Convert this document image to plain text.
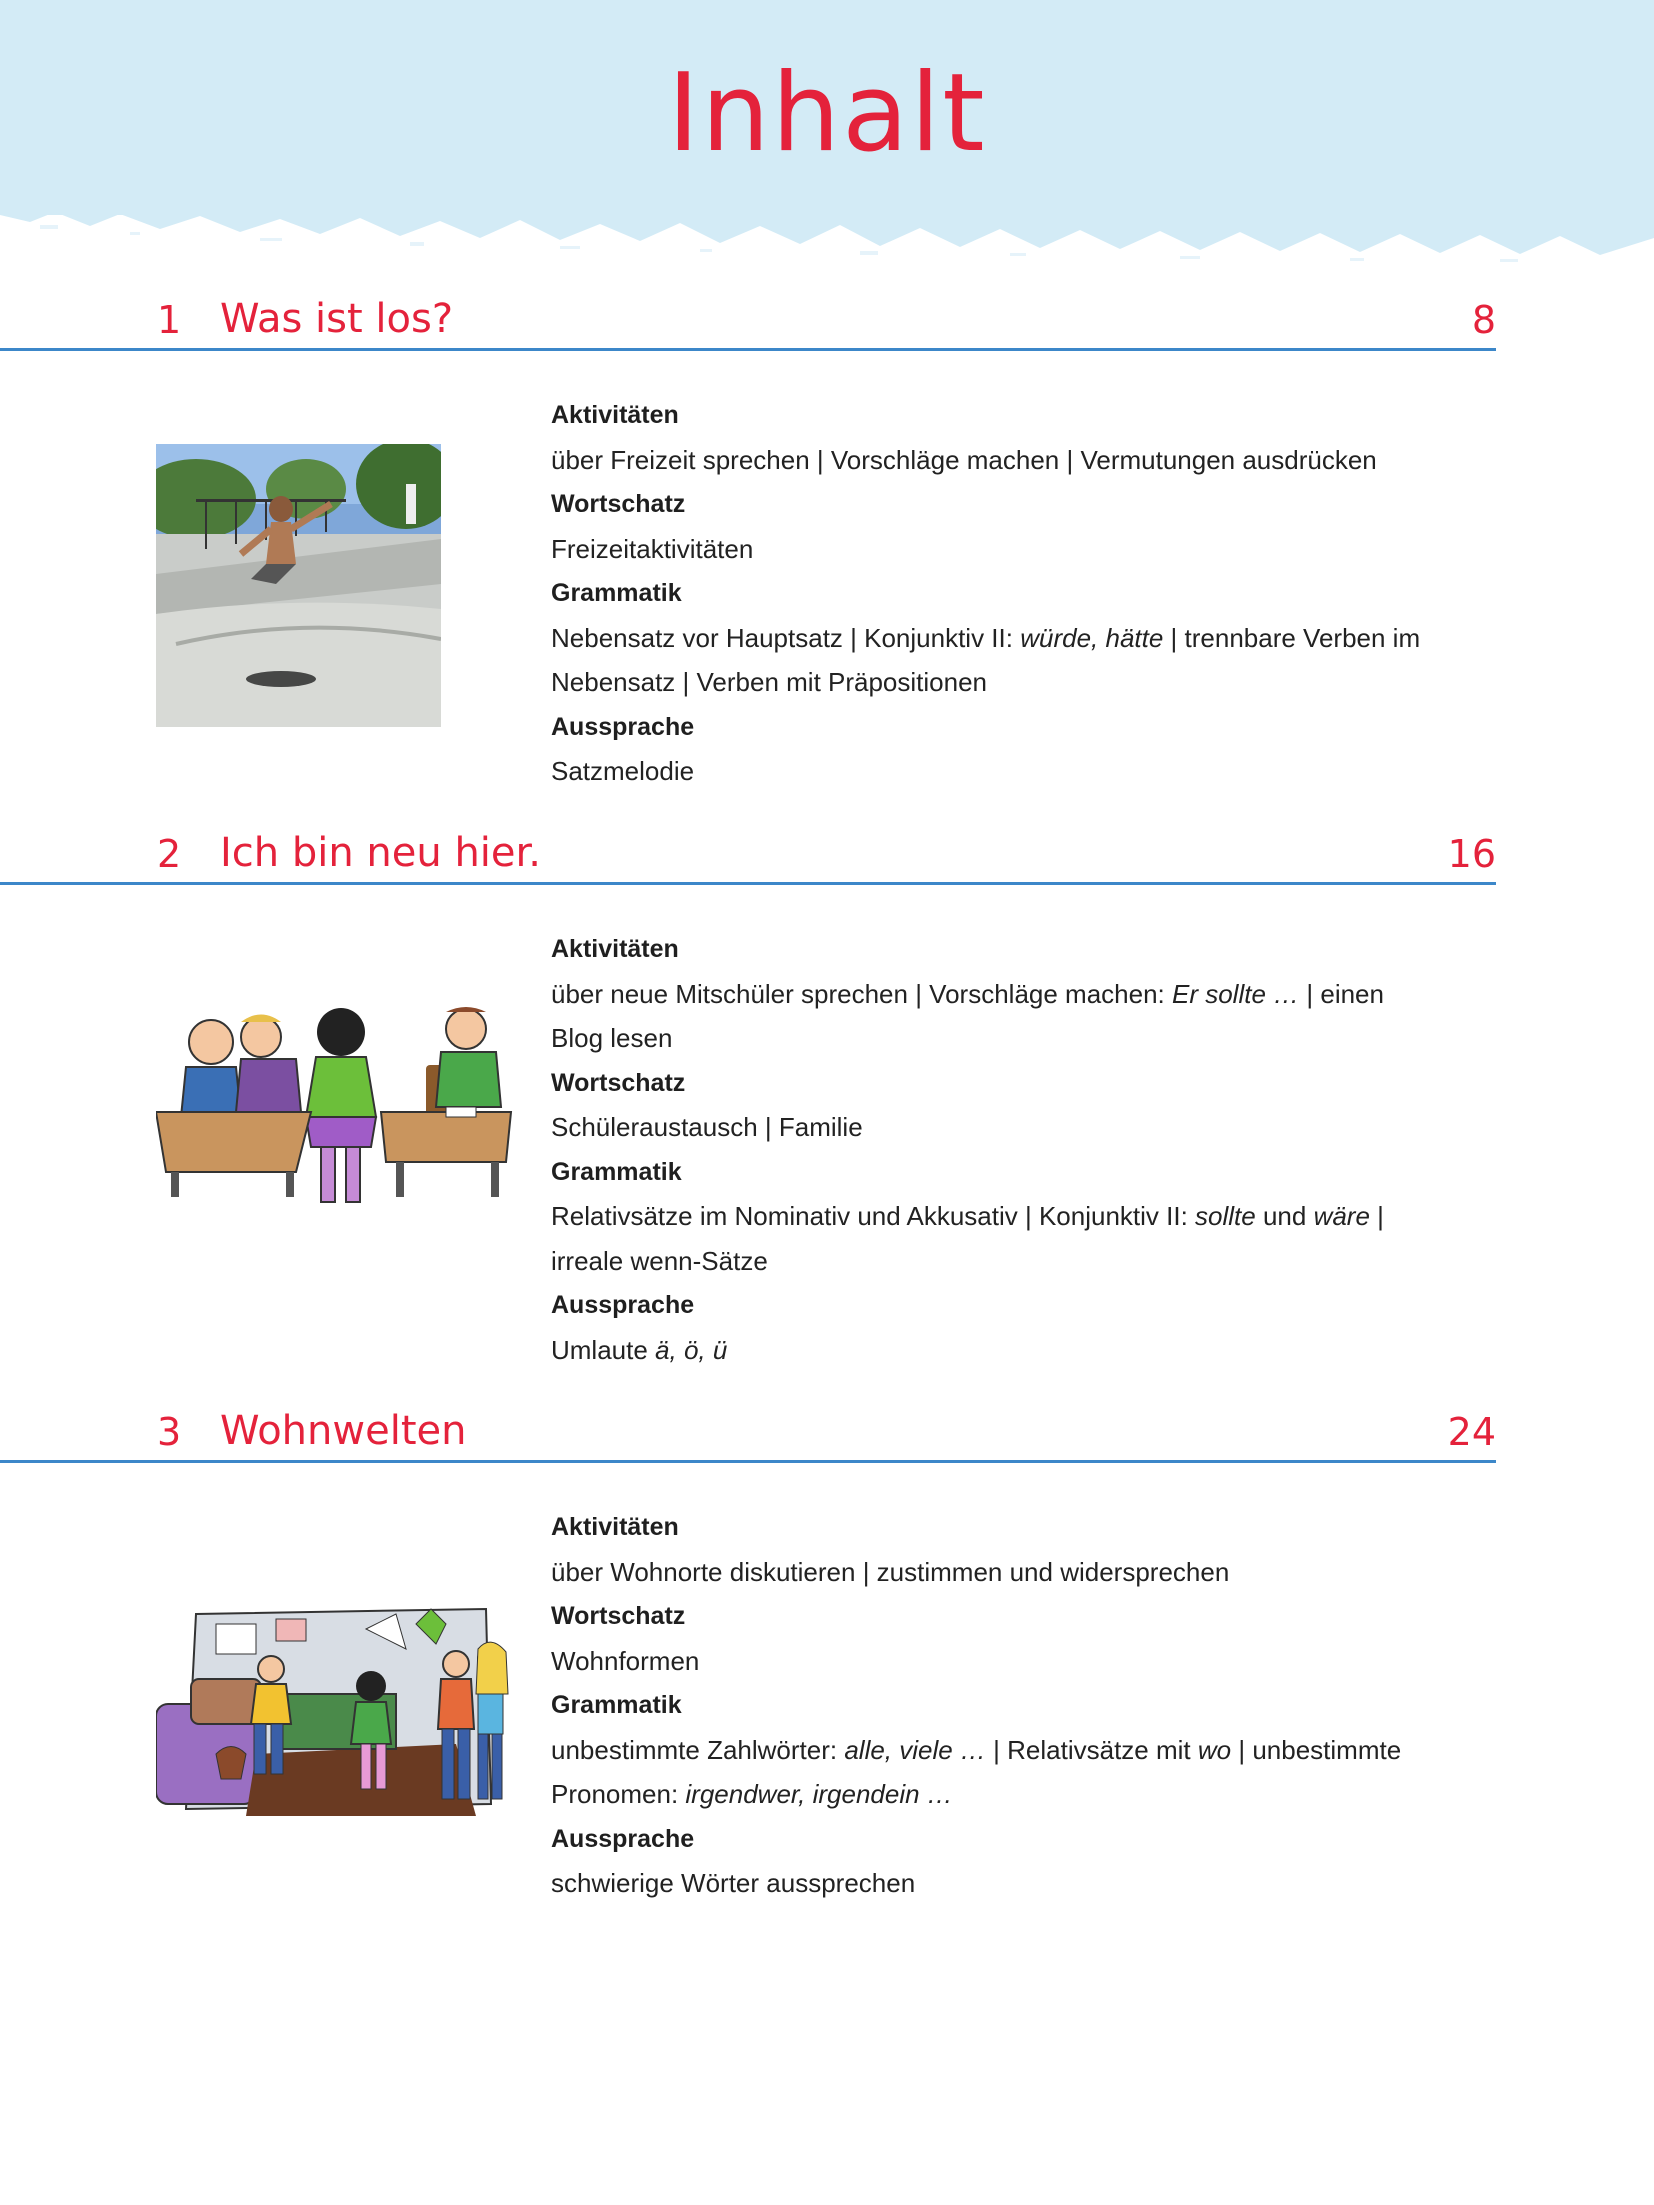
Inhalt
1 Was ist los?	8
Aktivitäten
über Freizeit sprechen | Vorschläge machen | Vermutungen ausdrücken
Wortschatz
Freizeitaktivitäten
Grammatik
Nebensatz vor Hauptsatz | Konjunktiv II: würde, hätte | trennbare Verben im
Nebensatz | Verben mit Präpositionen
Aussprache
Satzmelodie
2 Ich bin neu hier.	16
Aktivitäten
über neue Mitschüler sprechen | Vorschläge machen: Er sollte … | einen
Blog lesen
Wortschatz
Schüleraustausch | Familie
Grammatik
Relativsätze im Nominativ und Akkusativ | Konjunktiv II: sollte und wäre |
irreale wenn-Sätze
Aussprache
Umlaute ä, ö, ü
3 Wohnwelten	24
Aktivitäten
über Wohnorte diskutieren | zustimmen und widersprechen
Wortschatz
Wohnformen
Grammatik
unbestimmte Zahlwörter: alle, viele … | Relativsätze mit wo | unbestimmte
Pronomen: irgendwer, irgendein …
Aussprache
schwierige Wörter aussprechen
